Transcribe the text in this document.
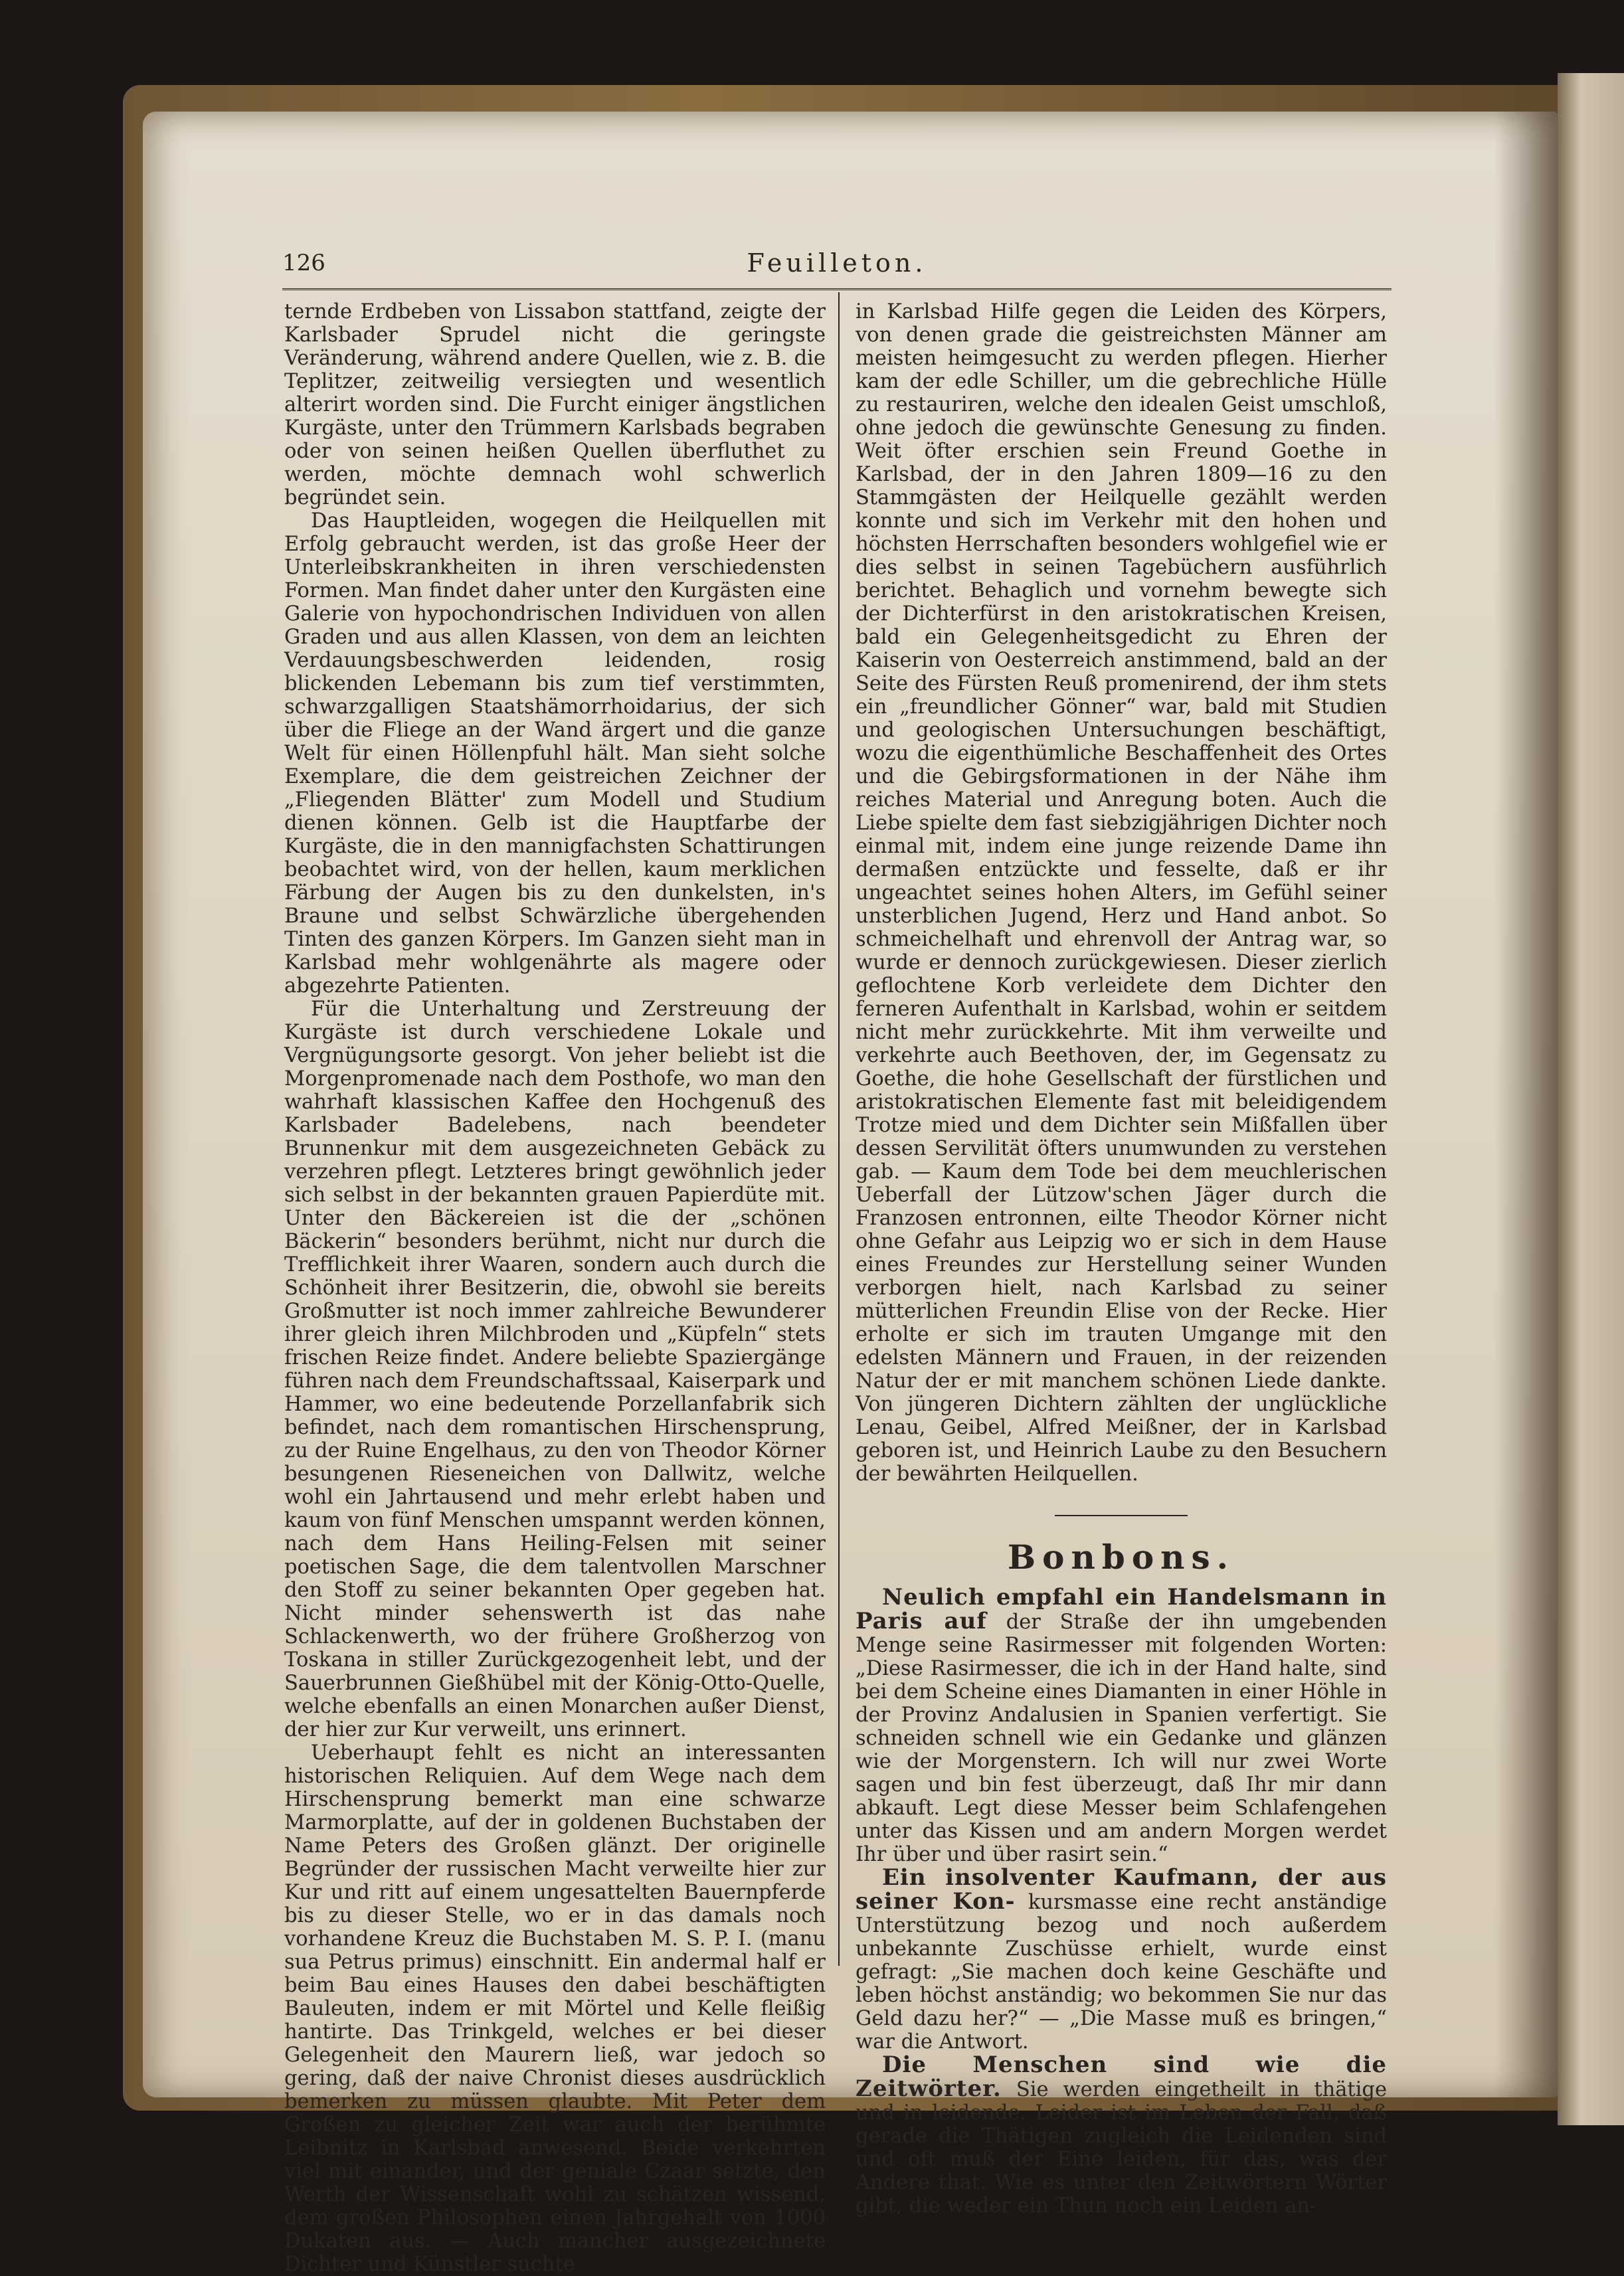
126	Feuilleton.

ternde Erdbeben von Lissabon stattfand, zeigte der Karlsbader Sprudel nicht die geringste Veränderung, während andere Quellen, wie z. B. die Teplitzer, zeitweilig versiegten und wesentlich alterirt worden sind. Die Furcht einiger ängstlichen Kurgäste, unter den Trümmern Karlsbads begraben oder von seinen heißen Quellen überfluthet zu werden, möchte demnach wohl schwerlich begründet sein.

Das Hauptleiden, wogegen die Heilquellen mit Erfolg gebraucht werden, ist das große Heer der Unterleibskrankheiten in ihren verschiedensten Formen. Man findet daher unter den Kurgästen eine Galerie von hypochondrischen Individuen von allen Graden und aus allen Klassen, von dem an leichten Verdauungsbeschwerden leidenden, rosig blickenden Lebemann bis zum tief verstimmten, schwarzgalligen Staatshämorrhoidarius, der sich über die Fliege an der Wand ärgert und die ganze Welt für einen Höllenpfuhl hält. Man sieht solche Exemplare, die dem geistreichen Zeichner der „Fliegenden Blätter' zum Modell und Studium dienen können. Gelb ist die Hauptfarbe der Kurgäste, die in den mannigfachsten Schattirungen beobachtet wird, von der hellen, kaum merklichen Färbung der Augen bis zu den dunkelsten, in's Braune und selbst Schwärzliche übergehenden Tinten des ganzen Körpers. Im Ganzen sieht man in Karlsbad mehr wohlgenährte als magere oder abgezehrte Patienten.

Für die Unterhaltung und Zerstreuung der Kurgäste ist durch verschiedene Lokale und Vergnügungsorte gesorgt. Von jeher beliebt ist die Morgenpromenade nach dem Posthofe, wo man den wahrhaft klassischen Kaffee den Hochgenuß des Karlsbader Badelebens, nach beendeter Brunnenkur mit dem ausgezeichneten Gebäck zu verzehren pflegt. Letzteres bringt gewöhnlich jeder sich selbst in der bekannten grauen Papierdüte mit. Unter den Bäckereien ist die der „schönen Bäckerin“ besonders berühmt, nicht nur durch die Trefflichkeit ihrer Waaren, sondern auch durch die Schönheit ihrer Besitzerin, die, obwohl sie bereits Großmutter ist noch immer zahlreiche Bewunderer ihrer gleich ihren Milchbroden und „Küpfeln“ stets frischen Reize findet. Andere beliebte Spaziergänge führen nach dem Freundschaftssaal, Kaiserpark und Hammer, wo eine bedeutende Porzellanfabrik sich befindet, nach dem romantischen Hirschensprung, zu der Ruine Engelhaus, zu den von Theodor Körner besungenen Rieseneichen von Dallwitz, welche wohl ein Jahrtausend und mehr erlebt haben und kaum von fünf Menschen umspannt werden können, nach dem Hans Heiling-Felsen mit seiner poetischen Sage, die dem talentvollen Marschner den Stoff zu seiner bekannten Oper gegeben hat. Nicht minder sehenswerth ist das nahe Schlackenwerth, wo der frühere Großherzog von Toskana in stiller Zurückgezogenheit lebt, und der Sauerbrunnen Gießhübel mit der König-Otto-Quelle, welche ebenfalls an einen Monarchen außer Dienst, der hier zur Kur verweilt, uns erinnert.

Ueberhaupt fehlt es nicht an interessanten historischen Reliquien. Auf dem Wege nach dem Hirschensprung bemerkt man eine schwarze Marmorplatte, auf der in goldenen Buchstaben der Name Peters des Großen glänzt. Der originelle Begründer der russischen Macht verweilte hier zur Kur und ritt auf einem ungesattelten Bauernpferde bis zu dieser Stelle, wo er in das damals noch vorhandene Kreuz die Buchstaben M. S. P. I. (manu sua Petrus primus) einschnitt. Ein andermal half er beim Bau eines Hauses den dabei beschäftigten Bauleuten, indem er mit Mörtel und Kelle fleißig hantirte. Das Trinkgeld, welches er bei dieser Gelegenheit den Maurern ließ, war jedoch so gering, daß der naive Chronist dieses ausdrücklich bemerken zu müssen glaubte. Mit Peter dem Großen zu gleicher Zeit war auch der berühmte Leibnitz in Karlsbad anwesend. Beide verkehrten viel mit einander, und der geniale Czaar setzte, den Werth der Wissenschaft wohl zu schätzen wissend, dem großen Philosophen einen Jahrgehalt von 1000 Dukaten aus. — Auch mancher ausgezeichnete Dichter und Künstler suchte

in Karlsbad Hilfe gegen die Leiden des Körpers, von denen grade die geistreichsten Männer am meisten heimgesucht zu werden pflegen. Hierher kam der edle Schiller, um die gebrechliche Hülle zu restauriren, welche den idealen Geist umschloß, ohne jedoch die gewünschte Genesung zu finden. Weit öfter erschien sein Freund Goethe in Karlsbad, der in den Jahren 1809—16 zu den Stammgästen der Heilquelle gezählt werden konnte und sich im Verkehr mit den hohen und höchsten Herrschaften besonders wohlgefiel wie er dies selbst in seinen Tagebüchern ausführlich berichtet. Behaglich und vornehm bewegte sich der Dichterfürst in den aristokratischen Kreisen, bald ein Gelegenheitsgedicht zu Ehren der Kaiserin von Oesterreich anstimmend, bald an der Seite des Fürsten Reuß promenirend, der ihm stets ein „freundlicher Gönner“ war, bald mit Studien und geologischen Untersuchungen beschäftigt, wozu die eigenthümliche Beschaffenheit des Ortes und die Gebirgsformationen in der Nähe ihm reiches Material und Anregung boten. Auch die Liebe spielte dem fast siebzigjährigen Dichter noch einmal mit, indem eine junge reizende Dame ihn dermaßen entzückte und fesselte, daß er ihr ungeachtet seines hohen Alters, im Gefühl seiner unsterblichen Jugend, Herz und Hand anbot. So schmeichelhaft und ehrenvoll der Antrag war, so wurde er dennoch zurückgewiesen. Dieser zierlich geflochtene Korb verleidete dem Dichter den ferneren Aufenthalt in Karlsbad, wohin er seitdem nicht mehr zurückkehrte. Mit ihm verweilte und verkehrte auch Beethoven, der, im Gegensatz zu Goethe, die hohe Gesellschaft der fürstlichen und aristokratischen Elemente fast mit beleidigendem Trotze mied und dem Dichter sein Mißfallen über dessen Servilität öfters unumwunden zu verstehen gab. — Kaum dem Tode bei dem meuchlerischen Ueberfall der Lützow'schen Jäger durch die Franzosen entronnen, eilte Theodor Körner nicht ohne Gefahr aus Leipzig wo er sich in dem Hause eines Freundes zur Herstellung seiner Wunden verborgen hielt, nach Karlsbad zu seiner mütterlichen Freundin Elise von der Recke. Hier erholte er sich im trauten Umgange mit den edelsten Männern und Frauen, in der reizenden Natur der er mit manchem schönen Liede dankte. Von jüngeren Dichtern zählten der unglückliche Lenau, Geibel, Alfred Meißner, der in Karlsbad geboren ist, und Heinrich Laube zu den Besuchern der bewährten Heilquellen.

Bonbons.

Neulich empfahl ein Handelsmann in Paris auf der Straße der ihn umgebenden Menge seine Rasirmesser mit folgenden Worten: „Diese Rasirmesser, die ich in der Hand halte, sind bei dem Scheine eines Diamanten in einer Höhle in der Provinz Andalusien in Spanien verfertigt. Sie schneiden schnell wie ein Gedanke und glänzen wie der Morgenstern. Ich will nur zwei Worte sagen und bin fest überzeugt, daß Ihr mir dann abkauft. Legt diese Messer beim Schlafengehen unter das Kissen und am andern Morgen werdet Ihr über und über rasirt sein.“

Ein insolventer Kaufmann, der aus seiner Kon- kursmasse eine recht anständige Unterstützung bezog und noch außerdem unbekannte Zuschüsse erhielt, wurde einst gefragt: „Sie machen doch keine Geschäfte und leben höchst anständig; wo bekommen Sie nur das Geld dazu her?“ — „Die Masse muß es bringen,“ war die Antwort.

Die Menschen sind wie die Zeitwörter. Sie werden eingetheilt in thätige und in leidende. Leider ist im Leben der Fall, daß gerade die Thätigen zugleich die Leidenden sind und oft muß der Eine leiden, für das, was der Andere that. Wie es unter den Zeitwörtern Wörter gibt, die weder ein Thun noch ein Leiden an-
